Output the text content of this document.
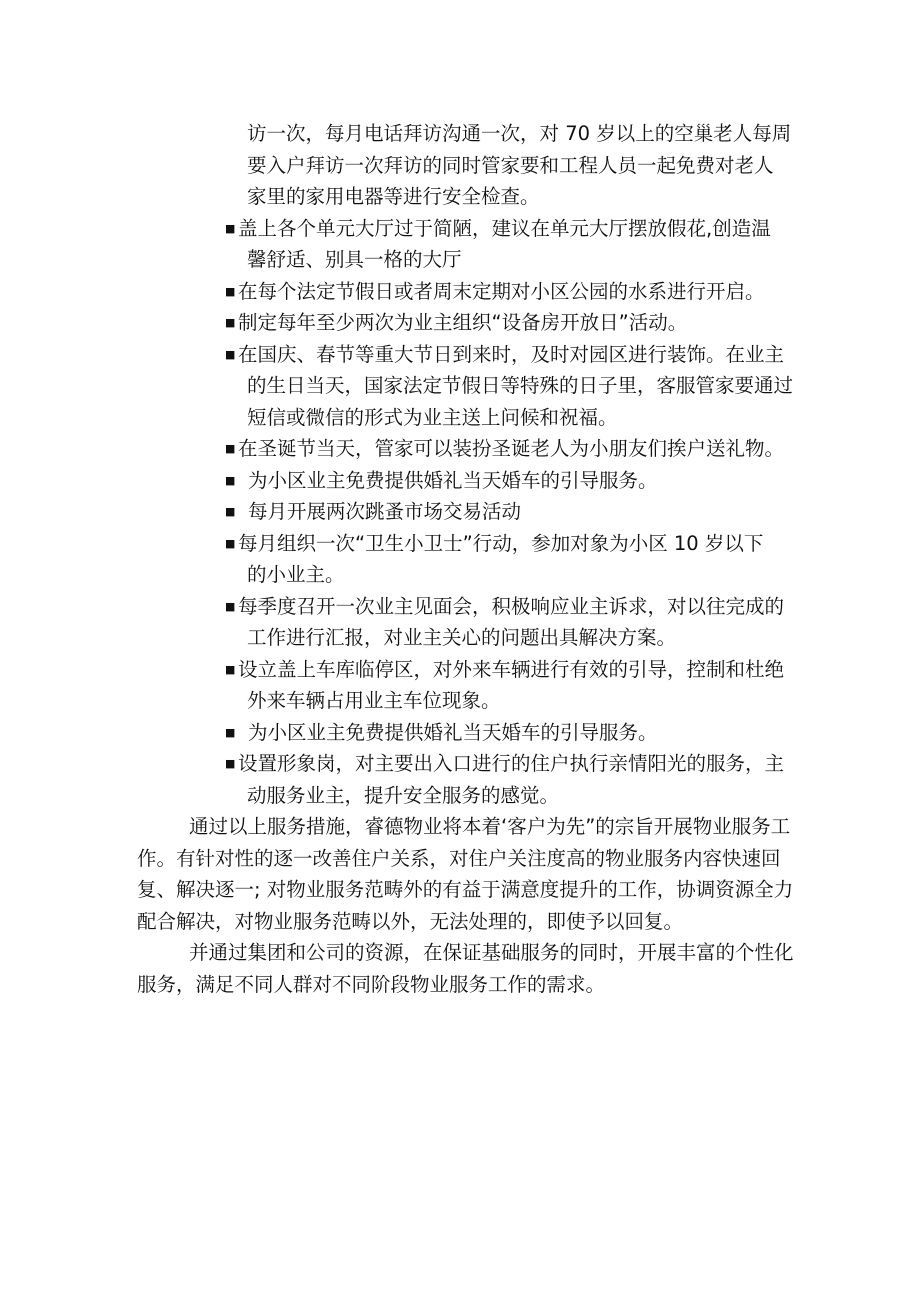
访一次，每月电话拜访沟通一次，对 70 岁以上的空巢老人每周

要入户拜访一次拜访的同时管家要和工程人员一起免费对老人

家里的家用电器等进行安全检查。

■ 盖上各个单元大厅过于简陋，建议在单元大厅摆放假花,创造温
馨舒适、别具一格的大厅
■ 在每个法定节假日或者周末定期对小区公园的水系进行开启。
■ 制定每年至少两次为业主组织“设备房开放日”活动。
■ 在国庆、春节等重大节日到来时，及时对园区进行装饰。在业主
的生日当天，国家法定节假日等特殊的日子里，客服管家要通过
短信或微信的形式为业主送上问候和祝福。
■ 在圣诞节当天，管家可以装扮圣诞老人为小朋友们挨户送礼物。
■ 为小区业主免费提供婚礼当天婚车的引导服务。
■ 每月开展两次跳蚤市场交易活动
■ 每月组织一次“卫生小卫士”行动，参加对象为小区 10 岁以下
的小业主。
■ 每季度召开一次业主见面会，积极响应业主诉求，对以往完成的
工作进行汇报，对业主关心的问题出具解决方案。
■ 设立盖上车库临停区，对外来车辆进行有效的引导，控制和杜绝
外来车辆占用业主车位现象。
■ 为小区业主免费提供婚礼当天婚车的引导服务。
■ 设置形象岗，对主要出入口进行的住户执行亲情阳光的服务，主
动服务业主，提升安全服务的感觉。

通过以上服务措施，睿德物业将本着‘客户为先”的宗旨开展物业服务工作。有针对性的逐一改善住户关系，对住户关注度高的物业服务内容快速回复、解决逐一; 对物业服务范畴外的有益于满意度提升的工作，协调资源全力配合解决，对物业服务范畴以外，无法处理的，即使予以回复。

并通过集团和公司的资源，在保证基础服务的同时，开展丰富的个性化服务，满足不同人群对不同阶段物业服务工作的需求。
